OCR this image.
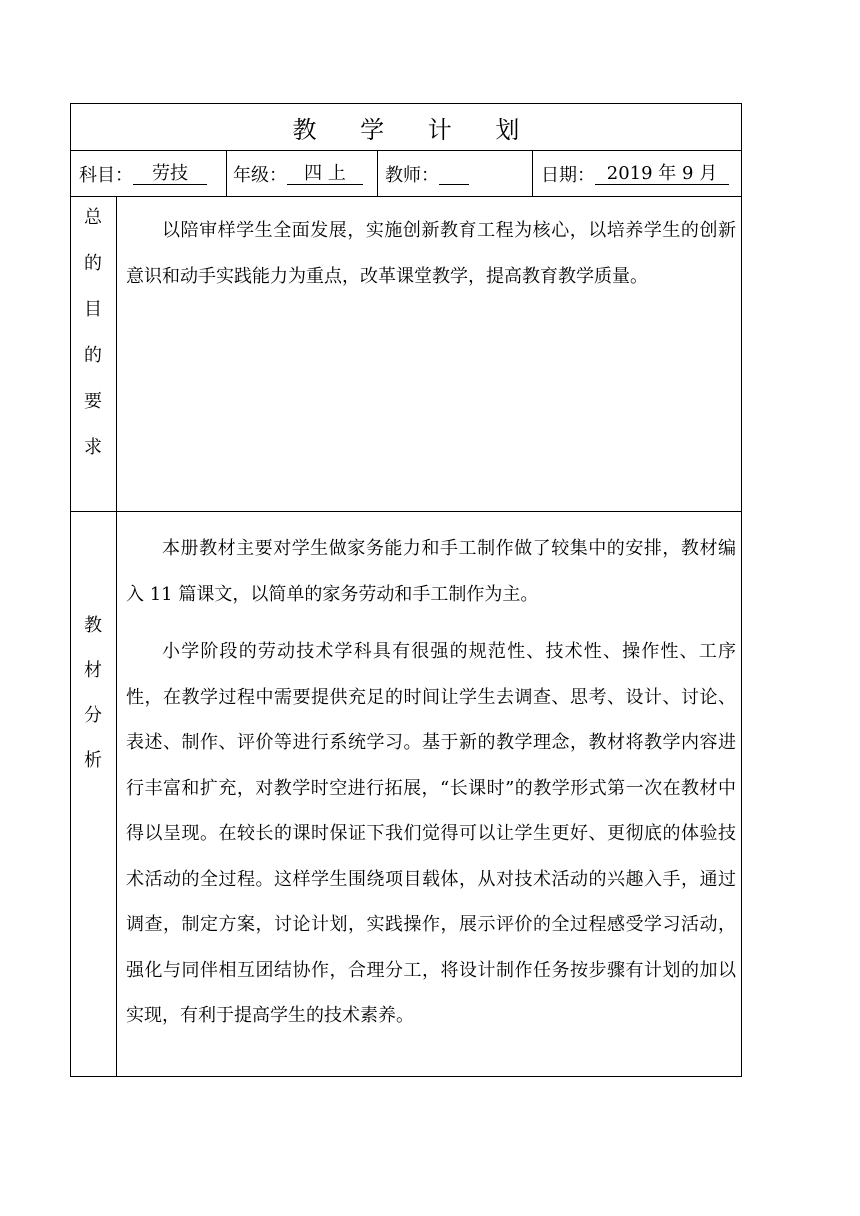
教 学 计 划
科目：	劳技	年级： 四 上	教师：	日期： 2019 年 9 月
总
的
目
的
要
求

以陪审样学生全面发展，实施创新教育工程为核心，以培养学生的创新意识和动手实践能力为重点，改革课堂教学，提高教育教学质量。

教
材
分
析

本册教材主要对学生做家务能力和手工制作做了较集中的安排，教材编入 11 篇课文，以简单的家务劳动和手工制作为主。

小学阶段的劳动技术学科具有很强的规范性、技术性、操作性、工序性，在教学过程中需要提供充足的时间让学生去调查、思考、设计、讨论、表述、制作、评价等进行系统学习。基于新的教学理念，教材将教学内容进行丰富和扩充，对教学时空进行拓展，“长课时”的教学形式第一次在教材中得以呈现。在较长的课时保证下我们觉得可以让学生更好、更彻底的体验技术活动的全过程。这样学生围绕项目载体，从对技术活动的兴趣入手，通过调查，制定方案，讨论计划，实践操作，展示评价的全过程感受学习活动，强化与同伴相互团结协作，合理分工，将设计制作任务按步骤有计划的加以实现，有利于提高学生的技术素养。
